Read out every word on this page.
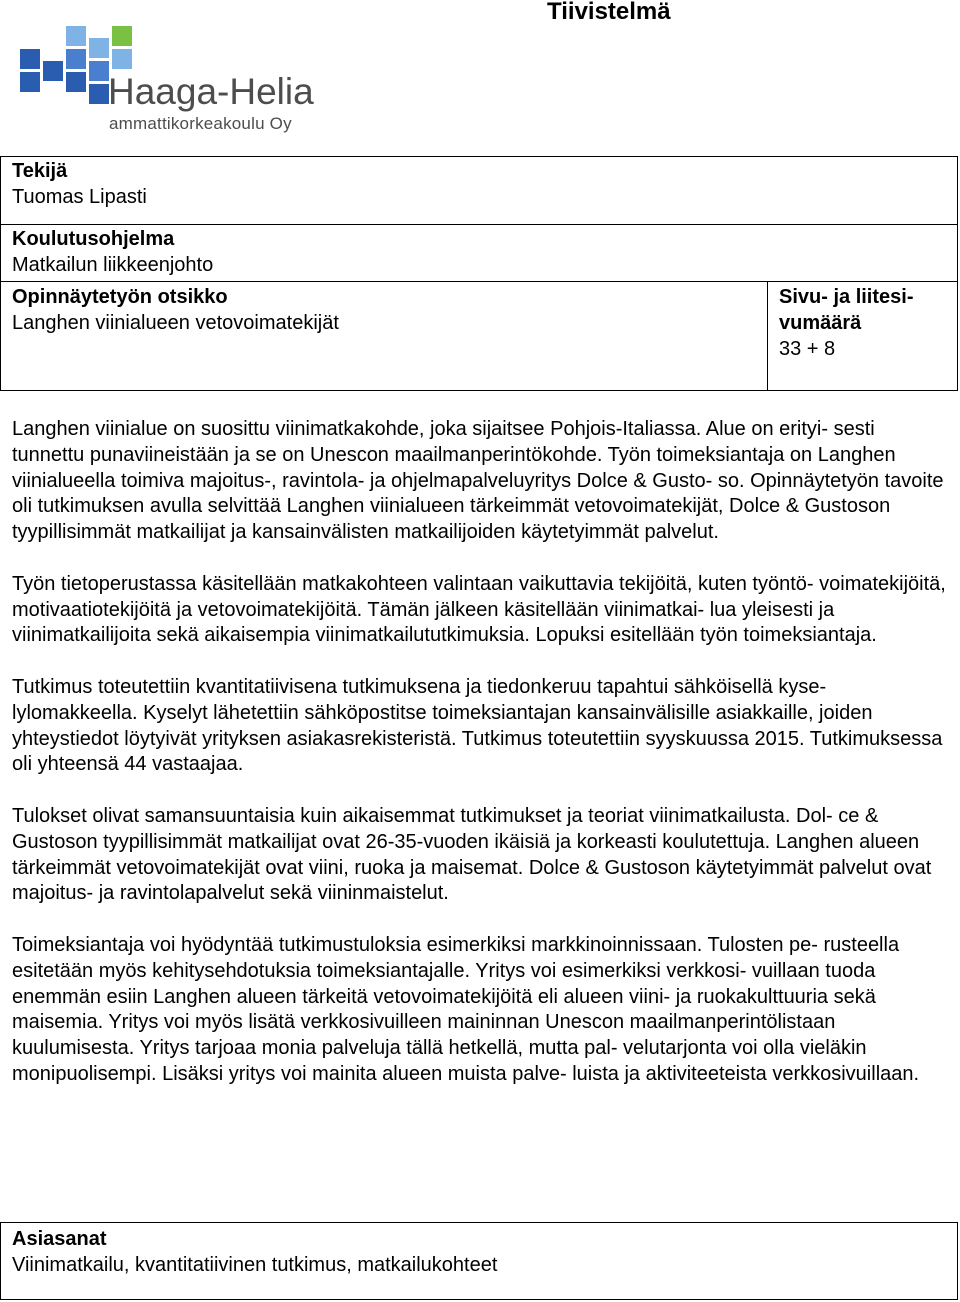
Tiivistelmä
Haaga-Helia
ammattikorkeakoulu Oy
Tekijä
Tuomas Lipasti
Koulutusohjelma
Matkailun liikkeenjohto
Opinnäytetyön otsikko
Langhen viinialueen vetovoimatekijät
Sivu- ja liitesi-
vumäärä
33 + 8

Langhen viinialue on suosittu viinimatkakohde, joka sijaitsee Pohjois-Italiassa. Alue on erityi- sesti tunnettu punaviineistään ja se on Unescon maailmanperintökohde. Työn toimeksiantaja on Langhen viinialueella toimiva majoitus-, ravintola- ja ohjelmapalveluyritys Dolce & Gusto- so. Opinnäytetyön tavoite oli tutkimuksen avulla selvittää Langhen viinialueen tärkeimmät vetovoimatekijät, Dolce & Gustoson tyypillisimmät matkailijat ja kansainvälisten matkailijoiden käytetyimmät palvelut.

Työn tietoperustassa käsitellään matkakohteen valintaan vaikuttavia tekijöitä, kuten työntö- voimatekijöitä, motivaatiotekijöitä ja vetovoimatekijöitä. Tämän jälkeen käsitellään viinimatkai- lua yleisesti ja viinimatkailijoita sekä aikaisempia viinimatkailututkimuksia. Lopuksi esitellään työn toimeksiantaja.

Tutkimus toteutettiin kvantitatiivisena tutkimuksena ja tiedonkeruu tapahtui sähköisellä kyse- lylomakkeella. Kyselyt lähetettiin sähköpostitse toimeksiantajan kansainvälisille asiakkaille, joiden yhteystiedot löytyivät yrityksen asiakasrekisteristä. Tutkimus toteutettiin syyskuussa 2015. Tutkimuksessa oli yhteensä 44 vastaajaa.

Tulokset olivat samansuuntaisia kuin aikaisemmat tutkimukset ja teoriat viinimatkailusta. Dol- ce & Gustoson tyypillisimmät matkailijat ovat 26-35-vuoden ikäisiä ja korkeasti koulutettuja. Langhen alueen tärkeimmät vetovoimatekijät ovat viini, ruoka ja maisemat. Dolce & Gustoson käytetyimmät palvelut ovat majoitus- ja ravintolapalvelut sekä viininmaistelut.

Toimeksiantaja voi hyödyntää tutkimustuloksia esimerkiksi markkinoinnissaan. Tulosten pe- rusteella esitetään myös kehitysehdotuksia toimeksiantajalle. Yritys voi esimerkiksi verkkosi- vuillaan tuoda enemmän esiin Langhen alueen tärkeitä vetovoimatekijöitä eli alueen viini- ja ruokakulttuuria sekä maisemia. Yritys voi myös lisätä verkkosivuilleen maininnan Unescon maailmanperintölistaan kuulumisesta. Yritys tarjoaa monia palveluja tällä hetkellä, mutta pal- velutarjonta voi olla vieläkin monipuolisempi. Lisäksi yritys voi mainita alueen muista palve- luista ja aktiviteeteista verkkosivuillaan.

Asiasanat
Viinimatkailu, kvantitatiivinen tutkimus, matkailukohteet
